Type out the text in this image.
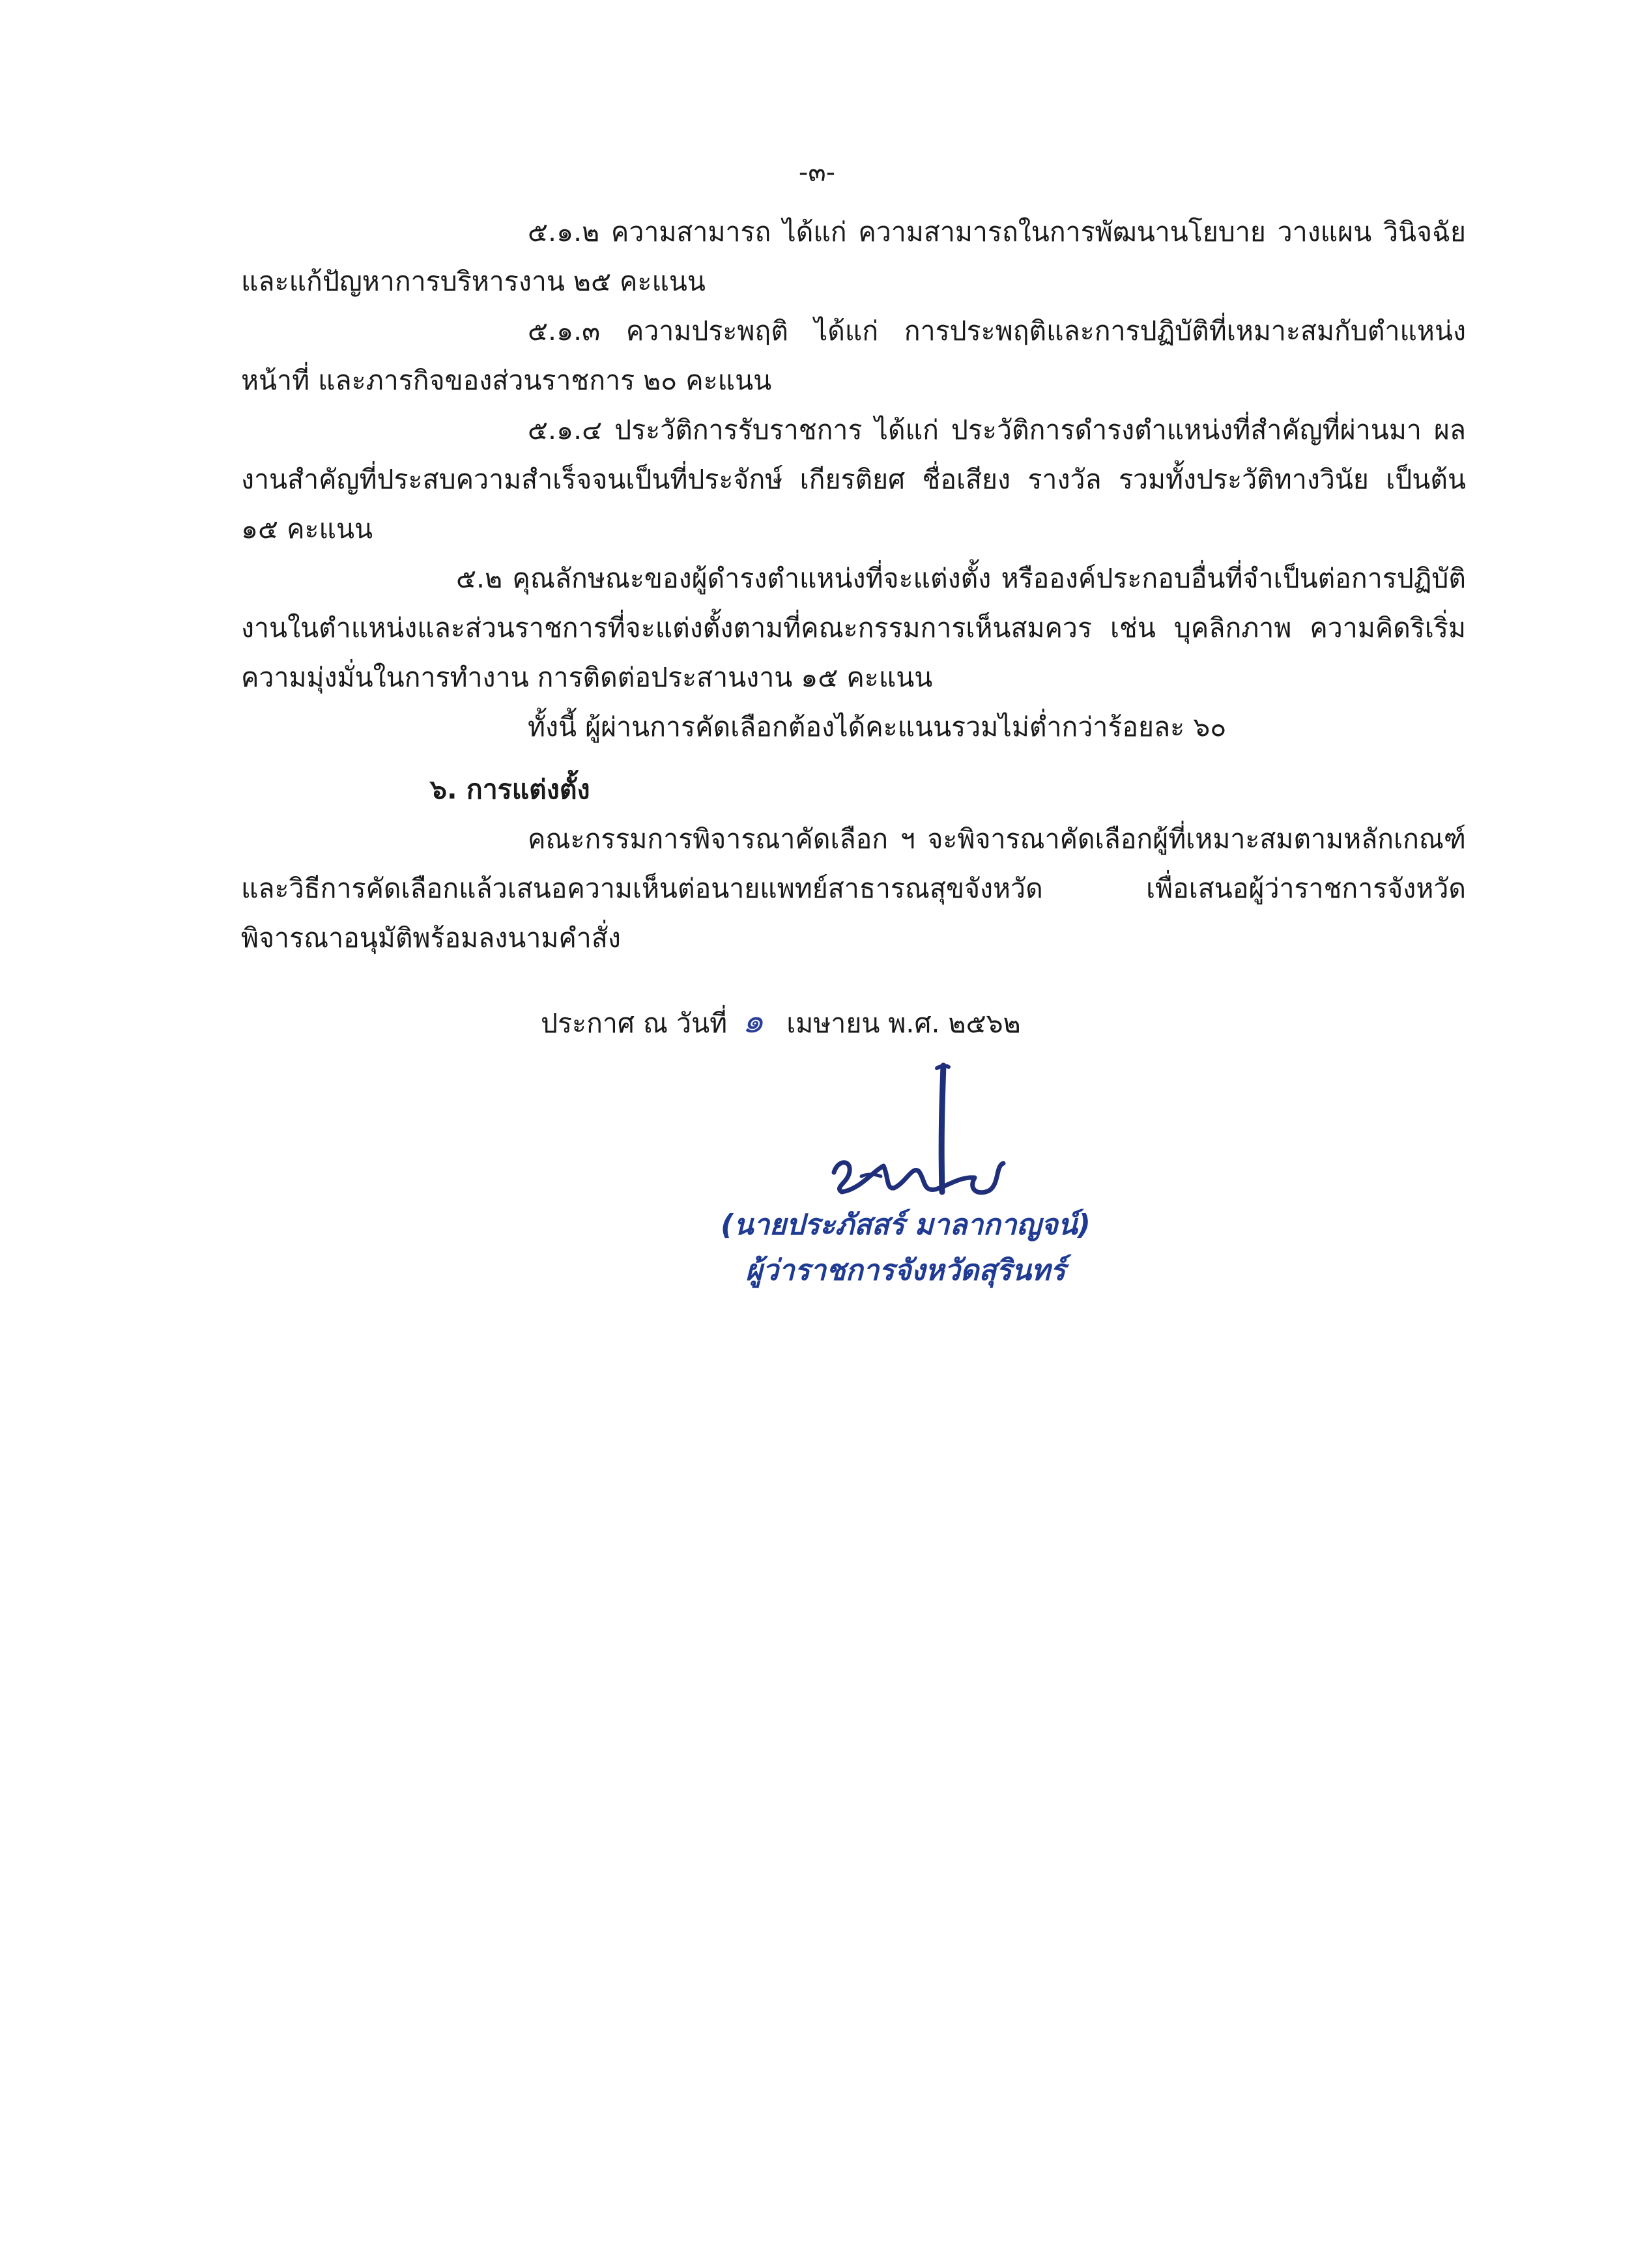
-๓-

๕.๑.๒ ความสามารถ ได้แก่ ความสามารถในการพัฒนานโยบาย วางแผน วินิจฉัย และแก้ปัญหาการบริหารงาน ๒๕ คะแนน

๕.๑.๓ ความประพฤติ ได้แก่ การประพฤติและการปฏิบัติที่เหมาะสมกับตำแหน่งหน้าที่ และภารกิจของส่วนราชการ ๒๐ คะแนน

๕.๑.๔ ประวัติการรับราชการ ได้แก่ ประวัติการดำรงตำแหน่งที่สำคัญที่ผ่านมา ผลงานสำคัญที่ประสบความสำเร็จจนเป็นที่ประจักษ์ เกียรติยศ ชื่อเสียง รางวัล รวมทั้งประวัติทางวินัย เป็นต้น ๑๕ คะแนน

๕.๒ คุณลักษณะของผู้ดำรงตำแหน่งที่จะแต่งตั้ง หรือองค์ประกอบอื่นที่จำเป็นต่อการปฏิบัติงานในตำแหน่งและส่วนราชการที่จะแต่งตั้งตามที่คณะกรรมการเห็นสมควร เช่น บุคลิกภาพ ความคิดริเริ่ม ความมุ่งมั่นในการทำงาน การติดต่อประสานงาน ๑๕ คะแนน

ทั้งนี้ ผู้ผ่านการคัดเลือกต้องได้คะแนนรวมไม่ต่ำกว่าร้อยละ ๖๐

๖. การแต่งตั้ง

คณะกรรมการพิจารณาคัดเลือก ฯ จะพิจารณาคัดเลือกผู้ที่เหมาะสมตามหลักเกณฑ์และวิธีการคัดเลือกแล้วเสนอความเห็นต่อนายแพทย์สาธารณสุขจังหวัด เพื่อเสนอผู้ว่าราชการจังหวัดพิจารณาอนุมัติพร้อมลงนามคำสั่ง

ประกาศ ณ วันที่ ๑ เมษายน พ.ศ. ๒๕๖๒
(นายประภัสสร์ มาลากาญจน์)
ผู้ว่าราชการจังหวัดสุรินทร์
